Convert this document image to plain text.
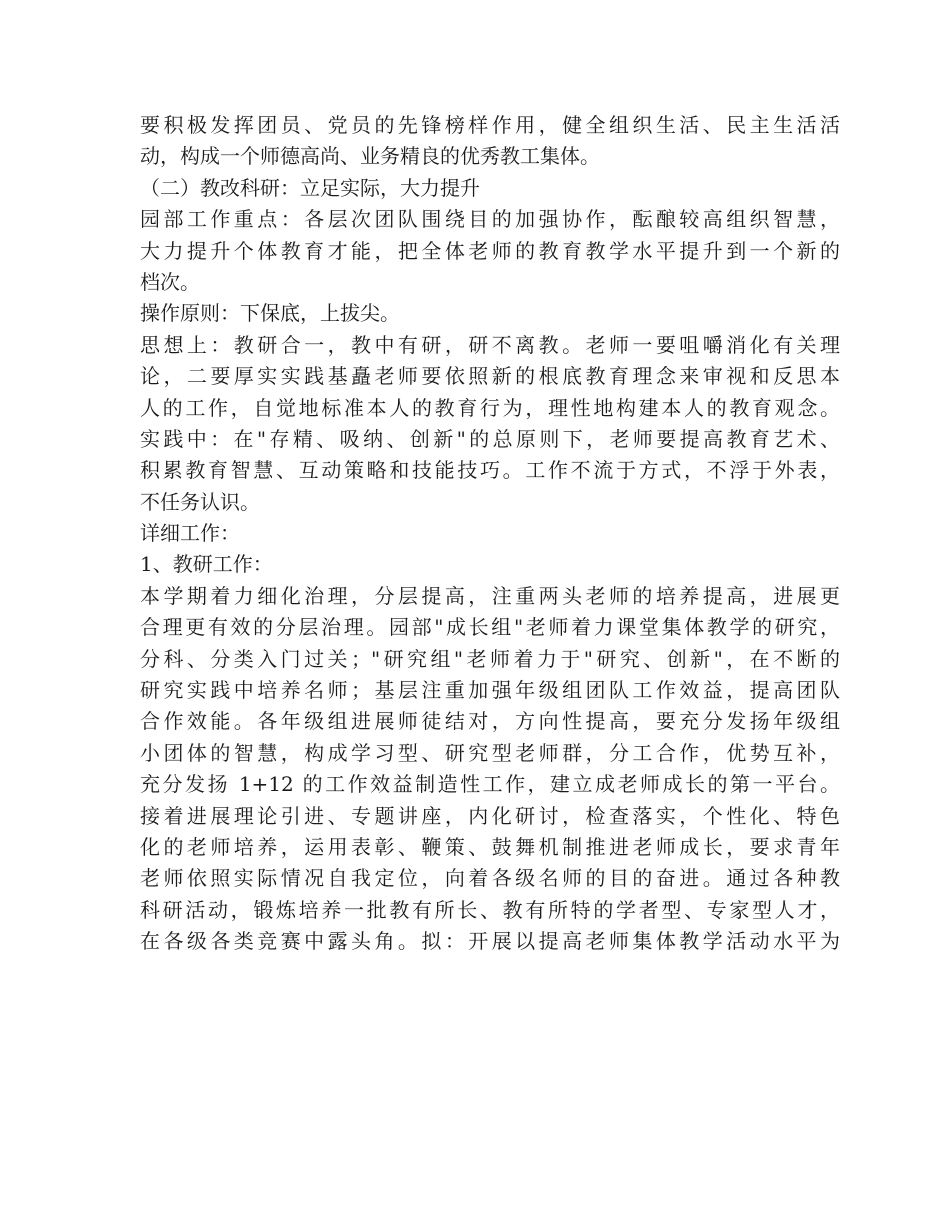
要积极发挥团员、党员的先锋榜样作用，健全组织生活、民主生活活
动，构成一个师德高尚、业务精良的优秀教工集体。
（二）教改科研：立足实际，大力提升
园部工作重点：各层次团队围绕目的加强协作，酝酿较高组织智慧，
大力提升个体教育才能，把全体老师的教育教学水平提升到一个新的
档次。
操作原则：下保底，上拔尖。
思想上：教研合一，教中有研，研不离教。老师一要咀嚼消化有关理
论，二要厚实实践基矗老师要依照新的根底教育理念来审视和反思本
人的工作，自觉地标准本人的教育行为，理性地构建本人的教育观念。
实践中：在"存精、吸纳、创新"的总原则下，老师要提高教育艺术、
积累教育智慧、互动策略和技能技巧。工作不流于方式，不浮于外表，
不任务认识。
详细工作：
1、教研工作：
本学期着力细化治理，分层提高，注重两头老师的培养提高，进展更
合理更有效的分层治理。园部"成长组"老师着力课堂集体教学的研究，
分科、分类入门过关；"研究组"老师着力于"研究、创新"，在不断的
研究实践中培养名师；基层注重加强年级组团队工作效益，提高团队
合作效能。各年级组进展师徒结对，方向性提高，要充分发扬年级组
小团体的智慧，构成学习型、研究型老师群，分工合作，优势互补，
充分发扬 1+12 的工作效益制造性工作，建立成老师成长的第一平台。
接着进展理论引进、专题讲座，内化研讨，检查落实，个性化、特色
化的老师培养，运用表彰、鞭策、鼓舞机制推进老师成长，要求青年
老师依照实际情况自我定位，向着各级名师的目的奋进。通过各种教
科研活动，锻炼培养一批教有所长、教有所特的学者型、专家型人才，
在各级各类竞赛中露头角。拟：开展以提高老师集体教学活动水平为
